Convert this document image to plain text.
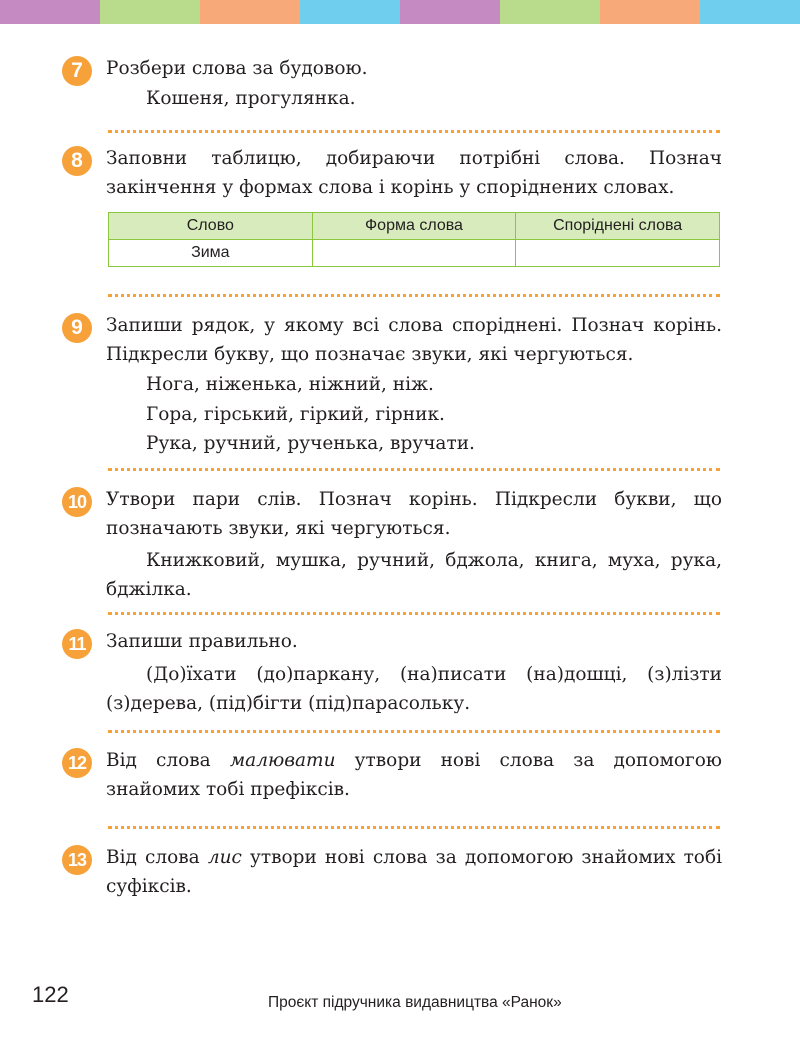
7	Розбери слова за будовою.

Кошеня, прогулянка.
8	Заповни таблицю, добираючи потрібні слова. Познач закінчення у формах слова і корінь у споріднених словах.

Слово	Форма слова	Споріднені слова
Зима		
9	Запиши рядок, у якому всі слова споріднені. Познач корінь. Підкресли букву, що позначає звуки, які чергуються.

Нога, ніженька, ніжний, ніж.
Гора, гірський, гіркий, гірник.
Рука, ручний, рученька, вручати.
10	Утвори пари слів. Познач корінь. Підкресли букви, що позначають звуки, які чергуються.

Книжковий, мушка, ручний, бджола, книга, муха, рука, бджілка.

11	Запиши правильно.

(До)їхати (до)паркану, (на)писати (на)дошці, (з)лізти (з)дерева, (під)бігти (під)парасольку.

12	Від слова малювати утвори нові слова за допомогою знайомих тобі префіксів.

13	Від слова лис утвори нові слова за допомогою знайомих тобі суфіксів.

122	Проєкт підручника видавництва «Ранок»
